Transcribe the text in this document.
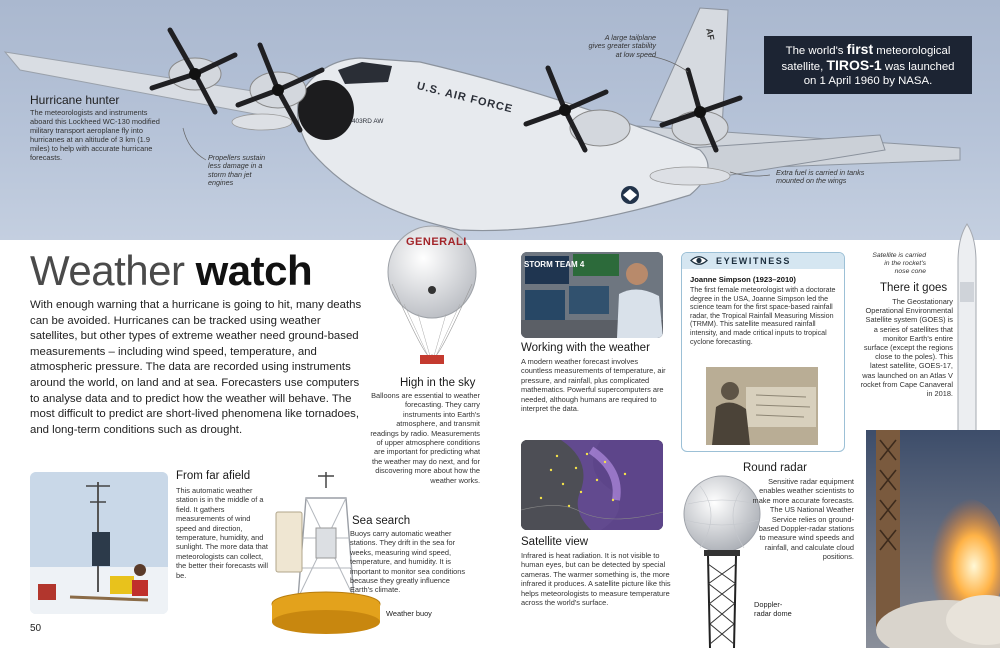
U.S. AIR FORCE
403RD AW
AF
Hurricane hunter
The meteorologists and instruments aboard this Lockheed WC-130 modified military transport aeroplane fly into hurricanes at an altitude of 3 km (1.9 miles) to help with accurate hurricane forecasts.	Propellers sustain less damage in a storm than jet engines
A large tailplane gives greater stability at low speed
Extra fuel is carried in tanks mounted on the wings
The world's first meteorological satellite, TIROS-1 was launched on 1 April 1960 by NASA.
Weather watch
With enough warning that a hurricane is going to hit, many deaths can be avoided. Hurricanes can be tracked using weather satellites, but other types of extreme weather need ground-based measurements – including wind speed, temperature, and atmospheric pressure. The data are recorded using instruments around the world, on land and at sea. Forecasters use computers to analyse data and to predict how the weather will behave. The most difficult to predict are short-lived phenomena like tornadoes, and long-term conditions such as drought.
GENERALI
High in the sky
Balloons are essential to weather forecasting. They carry instruments into Earth's atmosphere, and transmit readings by radio. Measurements of upper atmosphere conditions are important for predicting what the weather may do next, and for discovering more about how the weather works.
STORM TEAM 4
Working with the weather
A modern weather forecast involves countless measurements of temperature, air pressure, and rainfall, plus complicated mathematics. Powerful supercomputers are needed, although humans are required to interpret the data.
EYEWITNESS
Joanne Simpson (1923–2010)
The first female meteorologist with a doctorate degree in the USA, Joanne Simpson led the science team for the first space-based rainfall radar, the Tropical Rainfall Measuring Mission (TRMM). This satellite measured rainfall intensity, and made critical inputs to tropical cyclone forecasting.
Satellite is carried in the rocket's nose cone
There it goes
The Geostationary Operational Environmental Satellite system (GOES) is a series of satellites that monitor Earth's entire surface (except the regions close to the poles). This latest satellite, GOES-17, was launched on an Atlas V rocket from Cape Canaveral in 2018.
From far afield
This automatic weather station is in the middle of a field. It gathers measurements of wind speed and direction, temperature, humidity, and sunlight. The more data that meteorologists can collect, the better their forecasts will be.
Sea search
Buoys carry automatic weather stations. They drift in the sea for weeks, measuring wind speed, temperature, and humidity. It is important to monitor sea conditions because they greatly influence Earth's climate.
Weather buoy
Satellite view
Infrared is heat radiation. It is not visible to human eyes, but can be detected by special cameras. The warmer something is, the more infrared it produces. A satellite picture like this helps meteorologists to measure temperature across the world's surface.
Round radar
Sensitive radar equipment enables weather scientists to make more accurate forecasts. The US National Weather Service relies on ground-based Doppler-radar stations to measure wind speeds and rainfall, and calculate cloud positions.
Doppler-radar dome
50
